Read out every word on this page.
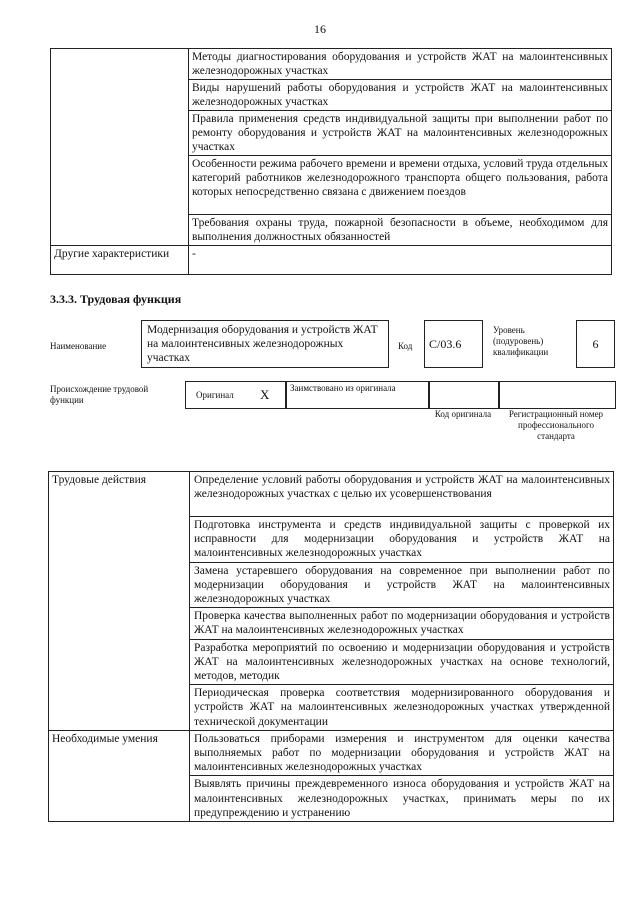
16
	Методы диагностирования оборудования и устройств ЖАТ на малоинтенсивных железнодорожных участках
	Виды нарушений работы оборудования и устройств ЖАТ на малоинтенсивных железнодорожных участках
	Правила применения средств индивидуальной защиты при выполнении работ по ремонту оборудования и устройств ЖАТ на малоинтенсивных железнодорожных участках
	Особенности режима рабочего времени и времени отдыха, условий труда отдельных категорий работников железнодорожного транспорта общего пользования, работа которых непосредственно связана с движением поездов
	Требования охраны труда, пожарной безопасности в объеме, необходимом для выполнения должностных обязанностей
Другие характеристики	-
3.3.3. Трудовая функция
Наименование
Модернизация оборудования и устройств ЖАТ на малоинтенсивных железнодорожных участках
Код	C/03.6
Уровень (подуровень) квалификации
6
Происхождение трудовой функции	Оригинал X	Заимствовано из оригинала
Код оригинала	Регистрационный номер профессионального стандарта
Трудовые действия	Определение условий работы оборудования и устройств ЖАТ на малоинтенсивных железнодорожных участках с целью их усовершенствования
	Подготовка инструмента и средств индивидуальной защиты с проверкой их исправности для модернизации оборудования и устройств ЖАТ на малоинтенсивных железнодорожных участках
	Замена устаревшего оборудования на современное при выполнении работ по модернизации оборудования и устройств ЖАТ на малоинтенсивных железнодорожных участках
	Проверка качества выполненных работ по модернизации оборудования и устройств ЖАТ на малоинтенсивных железнодорожных участках
	Разработка мероприятий по освоению и модернизации оборудования и устройств ЖАТ на малоинтенсивных железнодорожных участках на основе технологий, методов, методик
	Периодическая проверка соответствия модернизированного оборудования и устройств ЖАТ на малоинтенсивных железнодорожных участках утвержденной технической документации
Необходимые умения	Пользоваться приборами измерения и инструментом для оценки качества выполняемых работ по модернизации оборудования и устройств ЖАТ на малоинтенсивных железнодорожных участках
	Выявлять причины преждевременного износа оборудования и устройств ЖАТ на малоинтенсивных железнодорожных участках, принимать меры по их предупреждению и устранению
